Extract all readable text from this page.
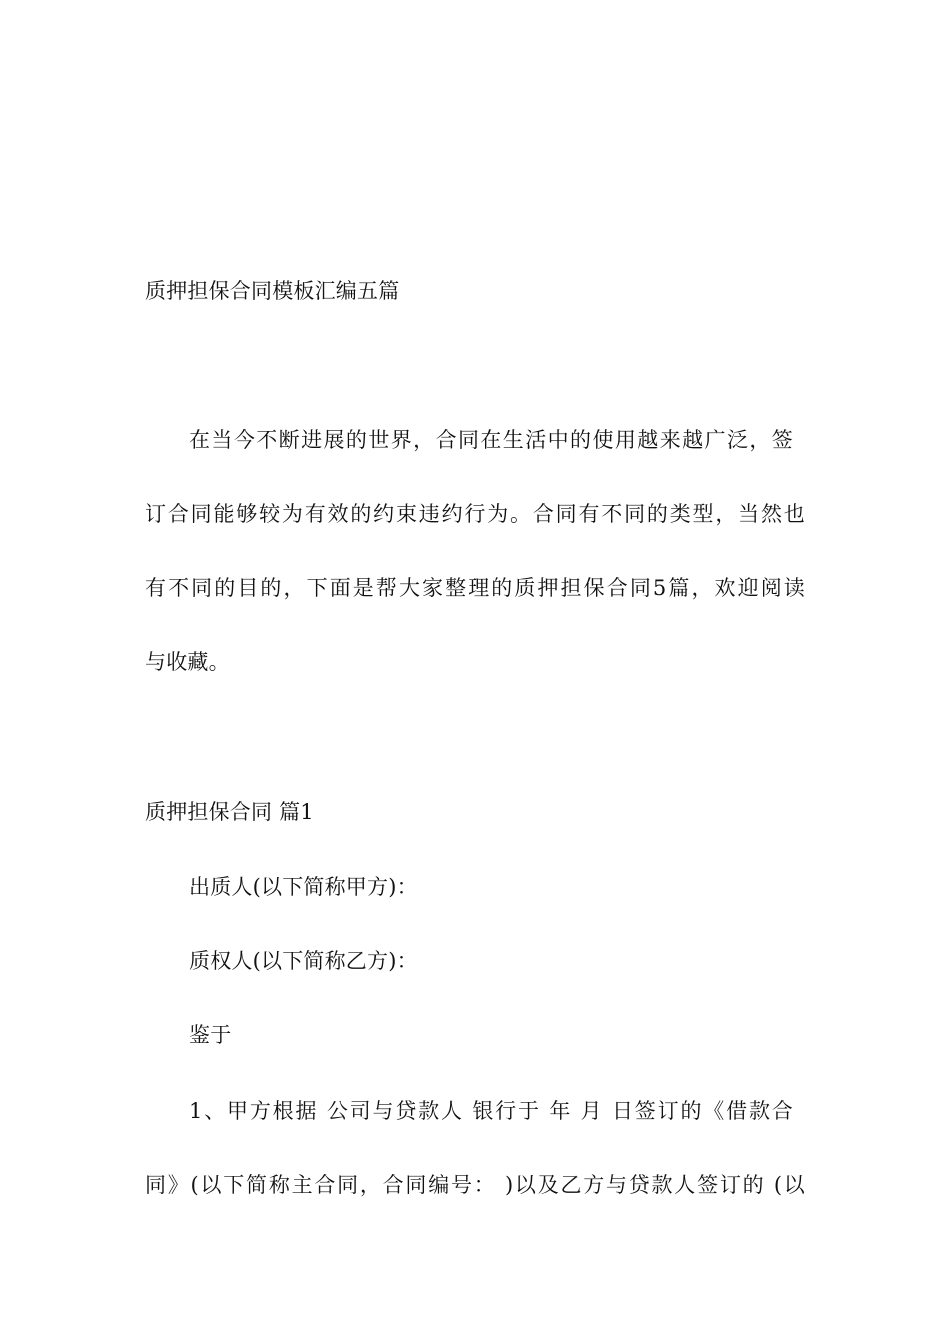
质押担保合同模板汇编五篇
在当今不断进展的世界，合同在生活中的使用越来越广泛，签
订合同能够较为有效的约束违约行为。合同有不同的类型，当然也
有不同的目的，下面是帮大家整理的质押担保合同5篇，欢迎阅读
与收藏。
质押担保合同 篇1
出质人(以下简称甲方)：
质权人(以下简称乙方)：
鉴于
1、甲方根据 公司与贷款人 银行于 年 月 日签订的《借款合
同》(以下简称主合同，合同编号： )以及乙方与贷款人签订的 (以
